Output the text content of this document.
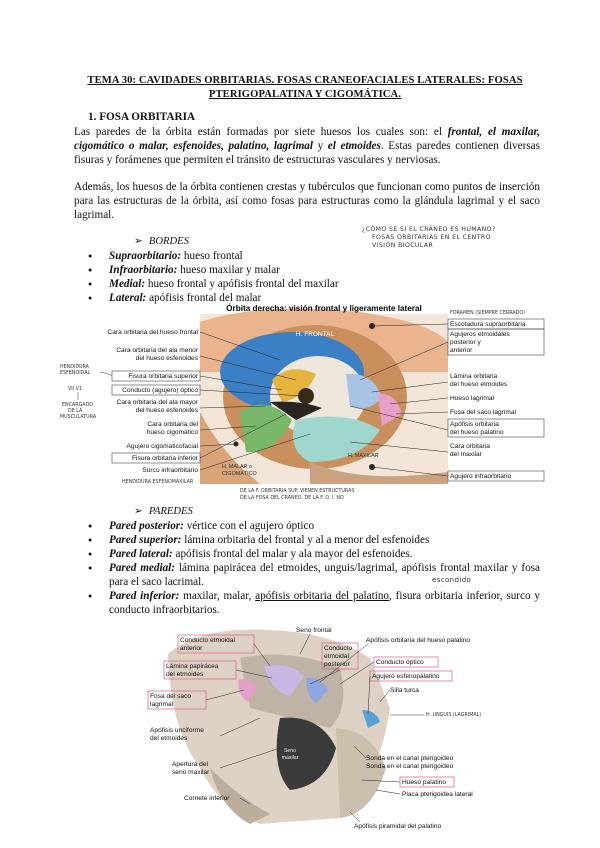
TEMA 30: CAVIDADES ORBITARIAS. FOSAS CRANEOFACIALES LATERALES: FOSAS PTERIGOPALATINA Y CIGOMÁTICA.
1. FOSA ORBITARIA
Las paredes de la órbita están formadas por siete huesos los cuales son: el frontal, el maxilar, cigomático o malar, esfenoides, palatino, lagrimal y el etmoides. Estas paredes contienen diversas fisuras y forámenes que permiten el tránsito de estructuras vasculares y nerviosas.
Además, los huesos de la órbita contienen crestas y tubérculos que funcionan como puntos de inserción para las estructuras de la órbita, así como fosas para estructuras como la glándula lagrimal y el saco lagrimal.
¿CÓMO SE SI EL CRÁNEO ES HUMANO?
FOSAS ORBITARIAS EN EL CENTRO
VISIÓN BIOCULAR
➢ BORDES
● Supraorbitario: hueso frontal
● Infraorbitario: hueso maxilar y malar
● Medial: hueso frontal y apófisis frontal del maxilar
● Lateral: apófisis frontal del malar
Órbita derecha: visión frontal y ligeramente lateral
H. FRONTAL
H. MALAR o
CIGOMÁTICO
H. MAXILAR
Cara orbitaria del hueso frontal
Cara orbitaria del ala menor
del hueso esfenoides
Fisura orbitaria superior
Conducto (agujero) óptico
Cara orbitaria del ala mayor
del hueso esfenoides
Cara orbitaria del
hueso cigomático
Agujero cigomaticofacial
Fisura orbitaria inferior
Surco infraorbitario
Escotadura supraorbitaria
Agujeros etmoidales
posterior y
anterior
Lámina orbitaria
del hueso etmoides
Hueso lagrimal
Fosa del saco lagrimal
Apófisis orbitaria
del hueso palatino
Cara orbitaria
del maxilar
Agujero infraorbitario
FORAMEN (SIEMPRE CERRADO)
HENDIDURA
ESFENOIDAL
VII V1
ENCARGADO
DE LA
MUSCULATURA
HENDIDURA ESFENOMAXILAR
DE LA F. ORBITARIA SUP. VIENEN ESTRUCTURAS
DE LA FOSA DEL CRÁNEO, DE LA F. O. I. NO
➢ PAREDES
escondido
● Pared posterior: vértice con el agujero óptico
● Pared superior: lámina orbitaria del frontal y al a menor del esfenoides
● Pared lateral: apófisis frontal del malar y ala mayor del esfenoides.
● Pared medial: lámina papirácea del etmoides, unguis/lagrimal, apófisis frontal maxilar y fosa para el saco lacrimal.
● Pared inferior: maxilar, malar, apófisis orbitaria del palatino, fisura orbitaria inferior, surco y conducto infraorbitarios.
Seno
maxilar
Conducto etmoidal
anterior
Lámina papirácea
del etmoides
Fosa del saco
lagrimal
Apófisis unciforme
del etmoides
Apertura del
seno maxilar
Cornete inferior
Seno frontal
Apófisis orbitaria del hueso palatino
Conducto
etmoidal
posterior	Conducto óptico
Agujero esfenopalatino
Silla turca
Sonda en el canal pterigoideo
Sonda en el canal pterigoideo
Hueso palatino
Placa pterigoidea lateral
Apófisis piramidal del palatino
H. UNGUIS (LAGRIMAL)
